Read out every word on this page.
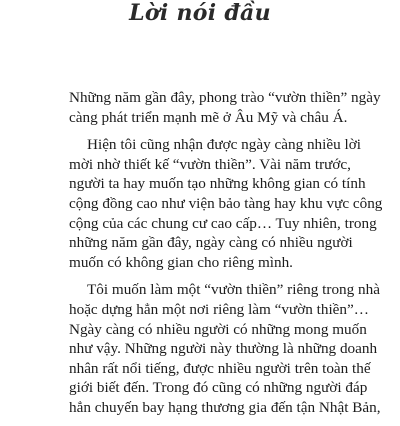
Lời nói đầu

Những năm gần đây, phong trào “vườn thiền” ngày
càng phát triển mạnh mẽ ở Âu Mỹ và châu Á.

Hiện tôi cũng nhận được ngày càng nhiều lời
mời nhờ thiết kế “vườn thiền”. Vài năm trước,
người ta hay muốn tạo những không gian có tính
cộng đồng cao như viện bảo tàng hay khu vực công
cộng của các chung cư cao cấp… Tuy nhiên, trong
những năm gần đây, ngày càng có nhiều người
muốn có không gian cho riêng mình.

Tôi muốn làm một “vườn thiền” riêng trong nhà
hoặc dựng hẳn một nơi riêng làm “vườn thiền”…
Ngày càng có nhiều người có những mong muốn
như vậy. Những người này thường là những doanh
nhân rất nổi tiếng, được nhiều người trên toàn thế
giới biết đến. Trong đó cũng có những người đáp
hẳn chuyến bay hạng thương gia đến tận Nhật Bản,
